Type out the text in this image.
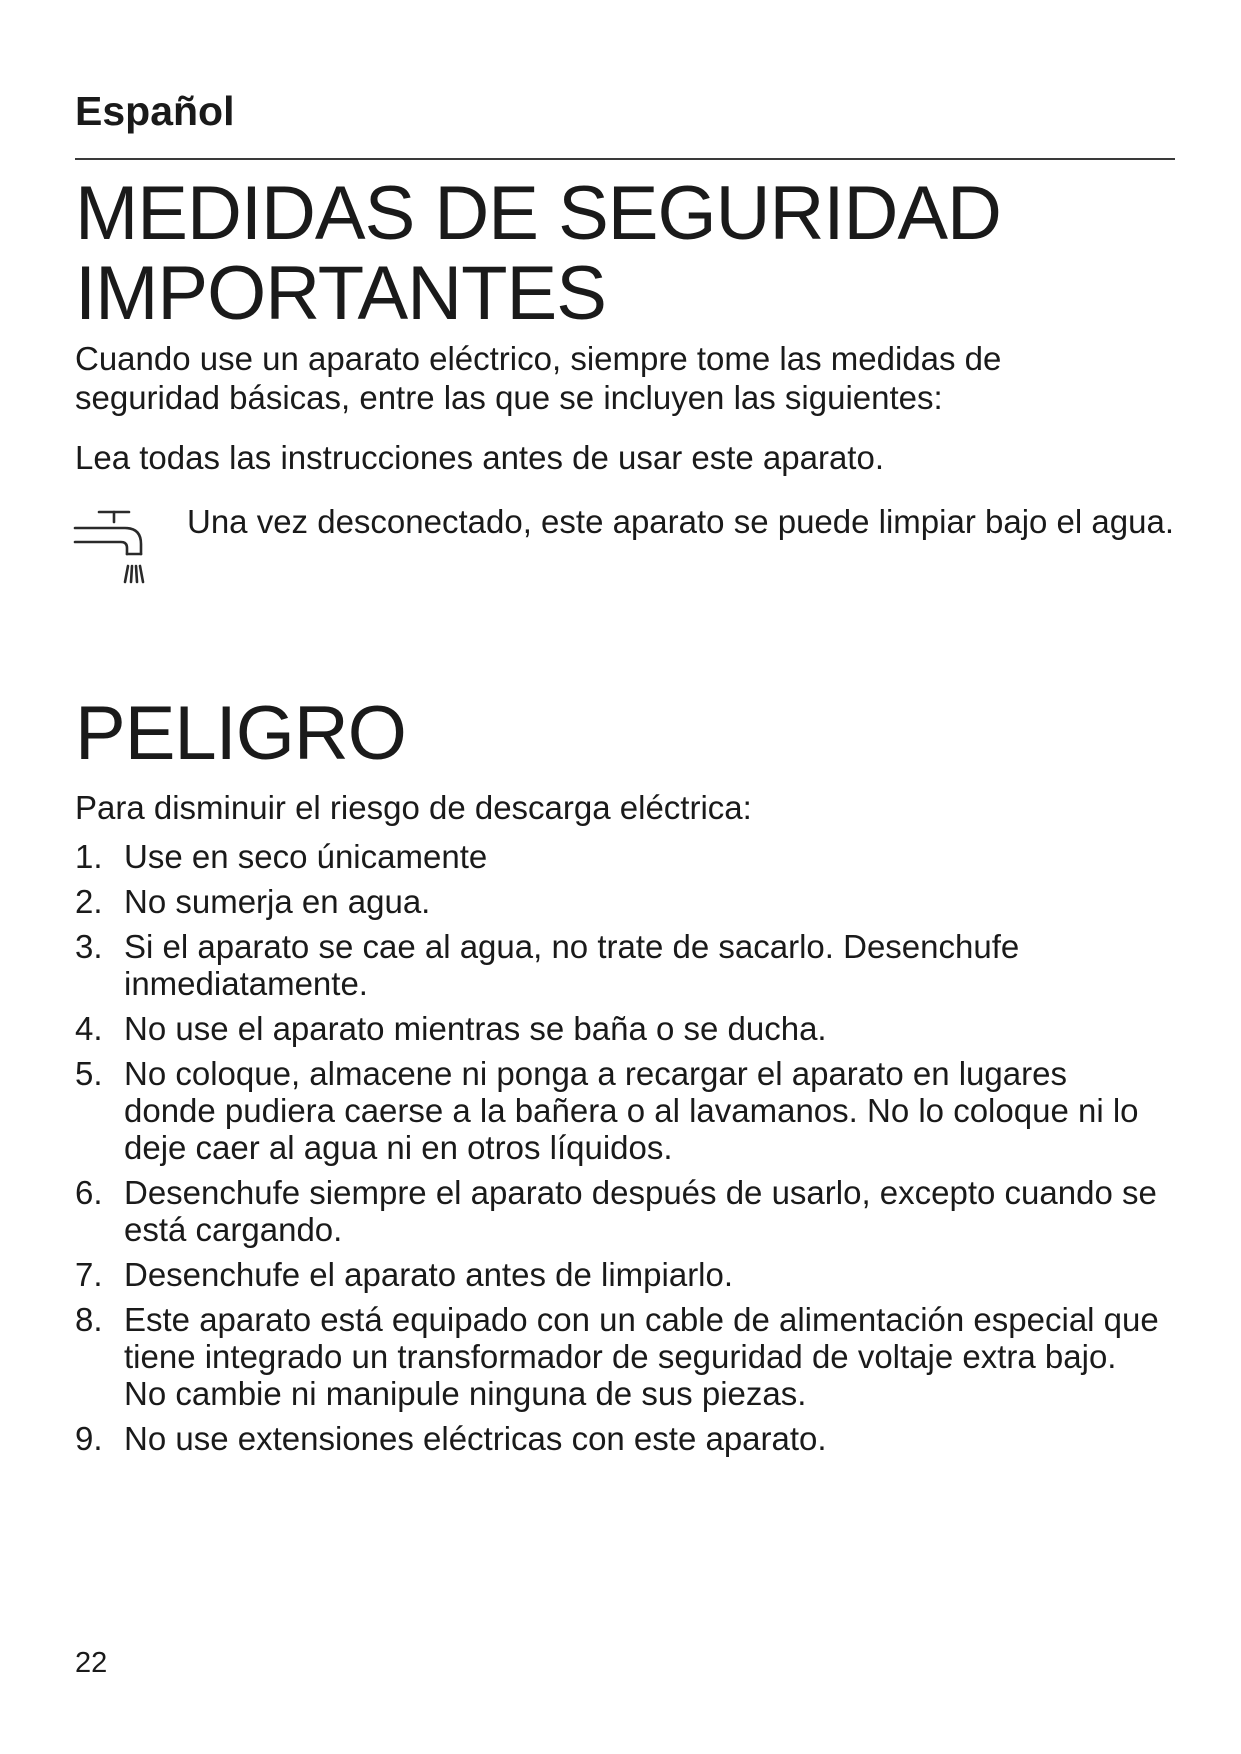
Español
MEDIDAS DE SEGURIDAD
IMPORTANTES

Cuando use un aparato eléctrico, siempre tome las medidas de seguridad básicas, entre las que se incluyen las siguientes:

Lea todas las instrucciones antes de usar este aparato.

Una vez desconectado, este aparato se puede limpiar bajo el agua.

PELIGRO

Para disminuir el riesgo de descarga eléctrica:

1. Use en seco únicamente
2. No sumerja en agua.
3. Si el aparato se cae al agua, no trate de sacarlo. Desenchufe inmediatamente.
4. No use el aparato mientras se baña o se ducha.
5. No coloque, almacene ni ponga a recargar el aparato en lugares donde pudiera caerse a la bañera o al lavamanos. No lo coloque ni lo deje caer al agua ni en otros líquidos.
6. Desenchufe siempre el aparato después de usarlo, excepto cuando se está cargando.
7. Desenchufe el aparato antes de limpiarlo.
8. Este aparato está equipado con un cable de alimentación especial que tiene integrado un transformador de seguridad de voltaje extra bajo. No cambie ni manipule ninguna de sus piezas.
9. No use extensiones eléctricas con este aparato.
22
